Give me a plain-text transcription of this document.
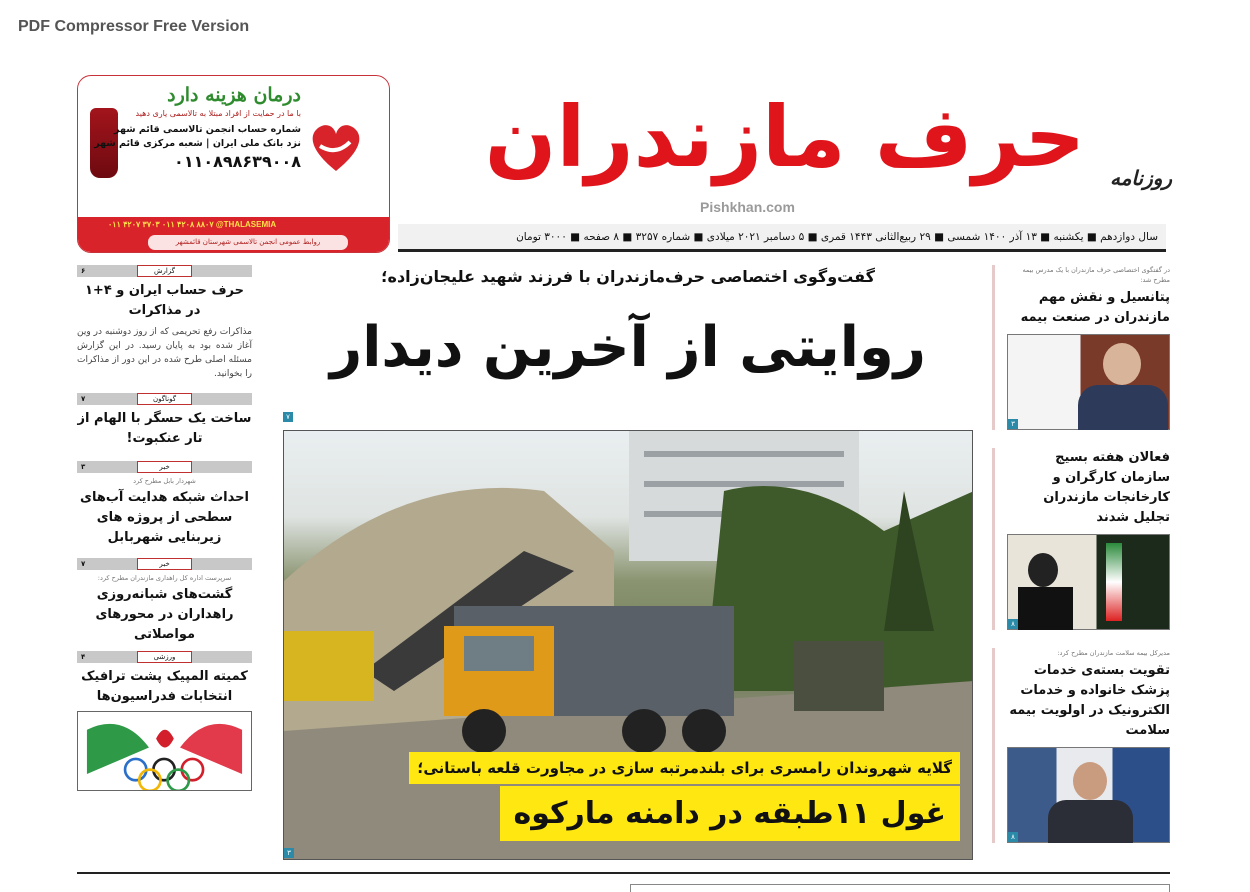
PDF Compressor Free Version
حرف مازندران	روزنامه
Pishkhan.com
سال دوازدهم ■ یکشنبه ■ ۱۳ آذر ۱۴۰۰ شمسی ■ ۲۹ ربیع‌الثانی ۱۴۴۳ قمری ■ ۵ دسامبر ۲۰۲۱ میلادی ■ شماره ۳۲۵۷ ■ ۸ صفحه ■ ۳۰۰۰ تومان
درمان هزینه دارد
با ما در حمایت از افراد مبتلا به تالاسمی یاری دهید
شماره حساب انجمن تالاسمی قائم شهر
نزد بانک ملی ایران | شعبه مرکزی قائم شهر
۰۱۱۰۸۹۸۶۳۹۰۰۸
۰۱۱ ۴۲۰۷ ۳۷۰۳ ۰۱۱ ۴۲۰۸ ۸۸۰۷ @THALASEMIA
روابط عمومی انجمن تالاسمی شهرستان قائمشهر
گزارش
۶
حرف حساب ایران و ۴+۱ در مذاکرات
مذاکرات رفع تحریمی که از روز دوشنبه در وین آغاز شده بود به پایان رسید. در این گزارش مسئله اصلی طرح شده در این دور از مذاکرات را بخوانید.
گوناگون
۷
ساخت یک حسگر با الهام از تار عنکبوت!
خبر
۳
شهردار بابل مطرح کرد
احداث شبکه هدایت آب‌های سطحی از پروژه های زیربنایی شهربابل
خبر
۷
سرپرست اداره کل راهداری مازندران مطرح کرد:
گشت‌های شبانه‌روزی راهداران در محورهای مواصلاتی
ورزشی
۴
کمیته المپیک پشت ترافیک انتخابات فدراسیون‌ها
گفت‌وگوی اختصاصی حرف‌مازندران با فرزند شهید علیجان‌زاده؛
روایتی از آخرین دیدار
۷
گلایه شهروندان رامسری برای بلندمرتبه سازی در مجاورت قلعه باستانی؛
غول ۱۱طبقه در دامنه مارکوه
۳
در گفتگوی اختصاصی حرف مازندران با یک مدرس بیمه مطرح شد:
پتانسیل و نقش مهم مازندران در صنعت بیمه
۳
فعالان هفته بسیج سازمان کارگران و کارخانجات مازندران تجلیل شدند
۸
مدیرکل بیمه سلامت مازندران مطرح کرد:
تقویت بسته‌ی خدمات پزشک خانواده و خدمات الکترونیک در اولویت بیمه سلامت
۸
